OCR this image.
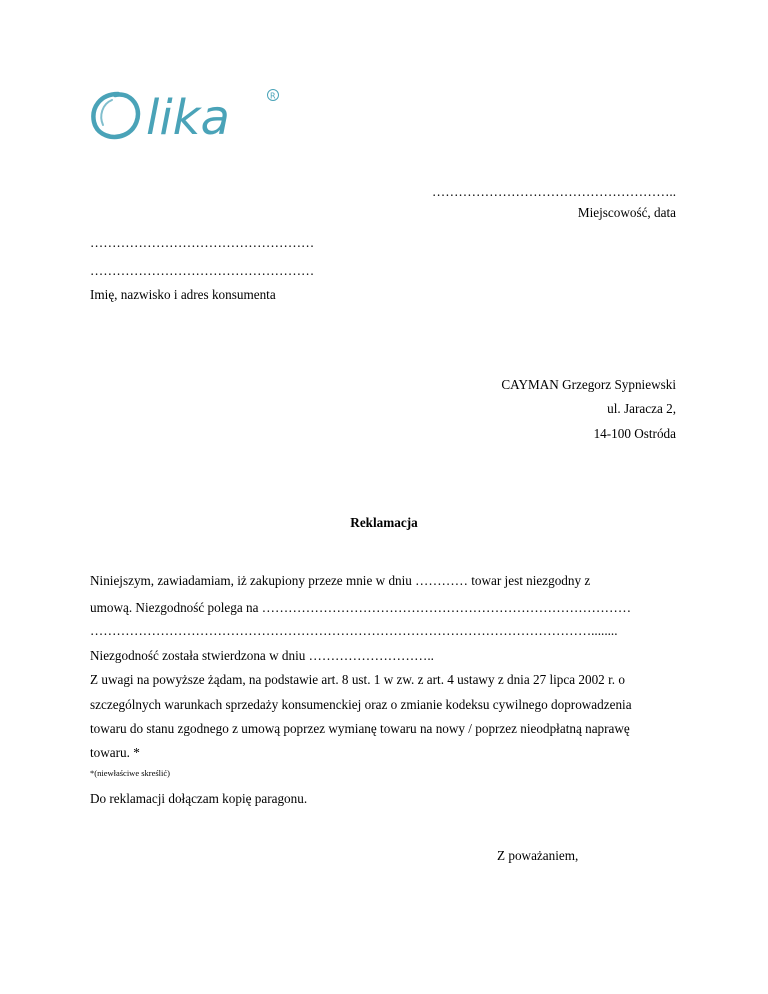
lika	R
………………………………………………..
Miejscowość, data
……………………………………………
……………………………………………
Imię, nazwisko i adres konsumenta
CAYMAN Grzegorz Sypniewski
ul. Jaracza 2,
14-100 Ostróda
Reklamacja
Niniejszym, zawiadamiam, iż zakupiony przeze mnie w dniu ………… towar jest niezgodny z
umową. Niezgodność polega na …………………………………………………………………………
……………………………………………………………………………………………………........
Niezgodność została stwierdzona w dniu ………………………..
Z uwagi na powyższe żądam, na podstawie art. 8 ust. 1 w zw. z art. 4 ustawy z dnia 27 lipca 2002 r. o
szczególnych warunkach sprzedaży konsumenckiej oraz o zmianie kodeksu cywilnego doprowadzenia
towaru do stanu zgodnego z umową poprzez wymianę towaru na nowy / poprzez nieodpłatną naprawę
towaru. *
*(niewłaściwe skreślić)
Do reklamacji dołączam kopię paragonu.
Z poważaniem,
